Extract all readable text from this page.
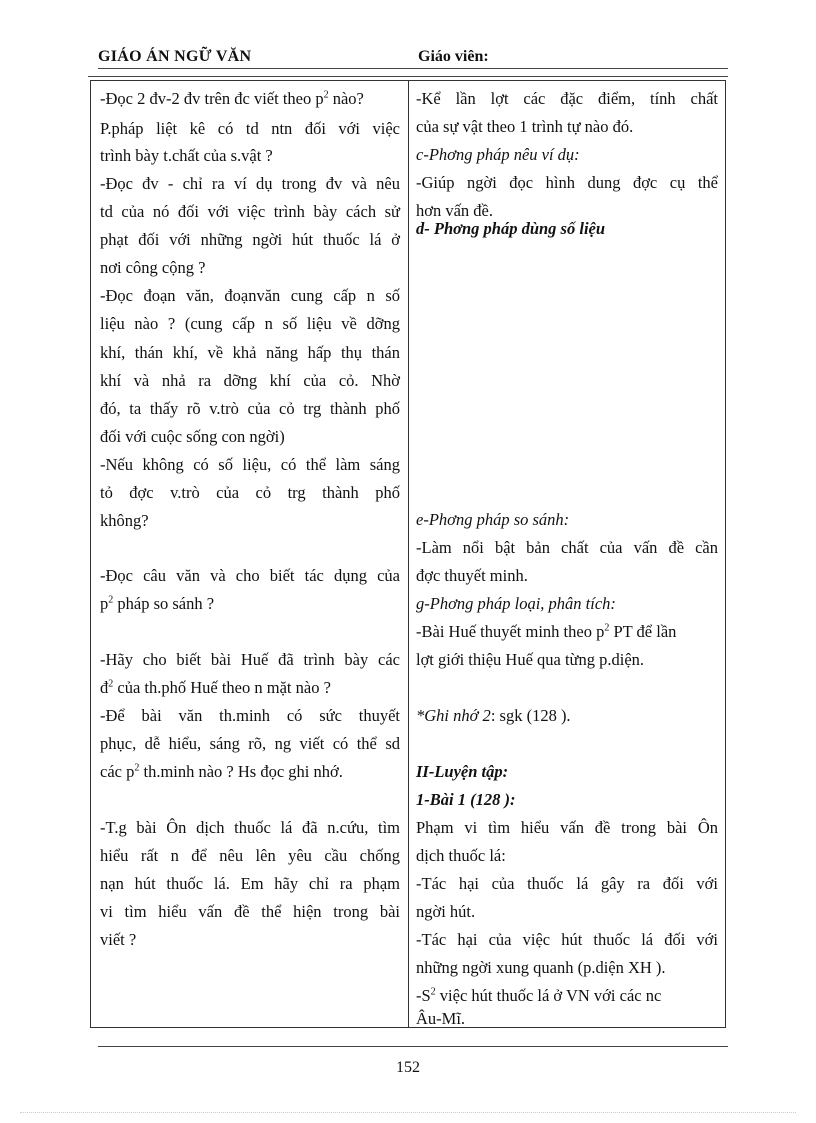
GIÁO ÁN NGỮ VĂN	Giáo viên:
-Đọc 2 đv-2 đv trên đc viết theo $p^2$ nào?
P.pháp liệt kê có td ntn đối với việc
trình bày t.chất của s.vật ?
-Đọc đv - chỉ ra ví dụ trong đv và nêu
td của nó đối với việc trình bày cách sử
phạt đối với những ngời hút thuốc lá ở
nơi công cộng ?
-Đọc đoạn văn, đoạnvăn cung cấp n số
liệu nào ? (cung cấp n số liệu về dỡng
khí, thán khí, về khả năng hấp thụ thán
khí và nhả ra dỡng khí của cỏ. Nhờ
đó, ta thấy rõ v.trò của cỏ trg thành phố
đối với cuộc sống con ngời)
-Nếu không có số liệu, có thể làm sáng
tỏ đợc v.trò của cỏ trg thành phố
không?
-Đọc câu văn và cho biết tác dụng của
$p^2$ pháp so sánh ?
-Hãy cho biết bài Huế đã trình bày các
$đ^2$ của th.phố Huế theo n mặt nào ?
-Để bài văn th.minh có sức thuyết
phục, dễ hiểu, sáng rõ, ng viết có thể sd
các $p^2$ th.minh nào ? Hs đọc ghi nhớ.
-T.g bài Ôn dịch thuốc lá đã n.cứu, tìm
hiểu rất n để nêu lên yêu cầu chống
nạn hút thuốc lá. Em hãy chỉ ra phạm
vi tìm hiểu vấn đề thể hiện trong bài
viết ?
-Kể lần lợt các đặc điểm, tính chất
của sự vật theo 1 trình tự nào đó.
c-Phơng pháp nêu ví dụ:
-Giúp ngời đọc hình dung đợc cụ thể
hơn vấn đề.
d- Phơng pháp dùng số liệu
e-Phơng pháp so sánh:
-Làm nổi bật bản chất của vấn đề cần
đợc thuyết minh.
g-Phơng pháp loại, phân tích:
-Bài Huế thuyết minh theo $p^2$ PT để lần
lợt giới thiệu Huế qua từng p.diện.
*Ghi nhớ 2: sgk (128 ).
II-Luyện tập:
1-Bài 1 (128 ):
Phạm vi tìm hiểu vấn đề trong bài Ôn
dịch thuốc lá:
-Tác hại của thuốc lá gây ra đối với
ngời hút.
-Tác hại của việc hút thuốc lá đối với
những ngời xung quanh (p.diện XH ).
$-S^2$ việc hút thuốc lá ở VN với các nc
Âu-Mĩ.
152
